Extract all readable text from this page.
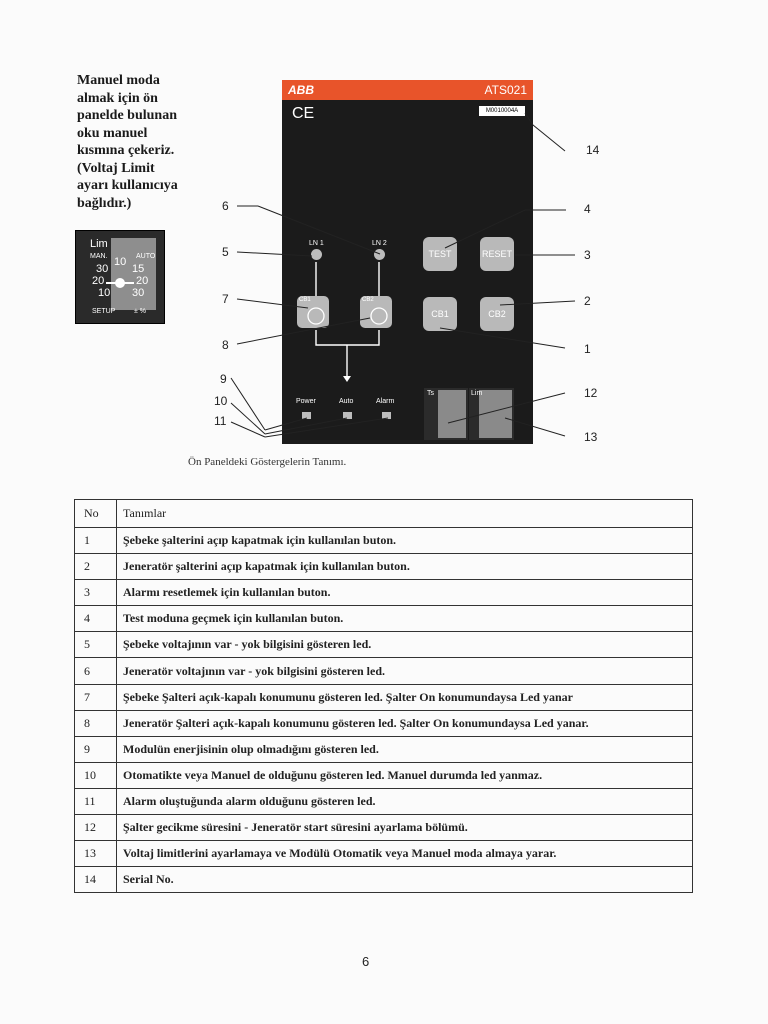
Manuel moda
almak için ön
panelde bulunan
oku manuel
kısmına çekeriz.
(Voltaj Limit
ayarı kullanıcıya
bağlıdır.)
Lim
MAN.	AUTO
10
30
20
10
15
20
30
SETUP	± %
ABB	ATS021
CE	M0010004A
LN 1	LN 2
TEST	RESET
CB1	CB2
CB1	CB2
Power	Auto	Alarm
Ts	Lim
6
5
7
8
9
10
11
14
4
3
2
1
12
13
Ön Paneldeki Göstergelerin Tanımı.
No	Tanımlar
1	Şebeke şalterini açıp kapatmak için kullanılan buton.
2	Jeneratör şalterini açıp kapatmak için kullanılan buton.
3	Alarmı resetlemek için kullanılan buton.
4	Test moduna geçmek için kullanılan buton.
5	Şebeke voltajının var - yok bilgisini gösteren led.
6	Jeneratör voltajının var - yok bilgisini gösteren led.
7	Şebeke Şalteri açık-kapalı konumunu gösteren led. Şalter On konumundaysa Led yanar
8	Jeneratör Şalteri açık-kapalı konumunu gösteren led. Şalter On konumundaysa Led yanar.
9	Modulün enerjisinin olup olmadığını gösteren led.
10	Otomatikte veya Manuel de olduğunu gösteren led. Manuel durumda led yanmaz.
11	Alarm oluştuğunda alarm olduğunu gösteren led.
12	Şalter gecikme süresini - Jeneratör start süresini ayarlama bölümü.
13	Voltaj limitlerini ayarlamaya ve Modülü Otomatik veya Manuel moda almaya yarar.
14	Serial No.
6
